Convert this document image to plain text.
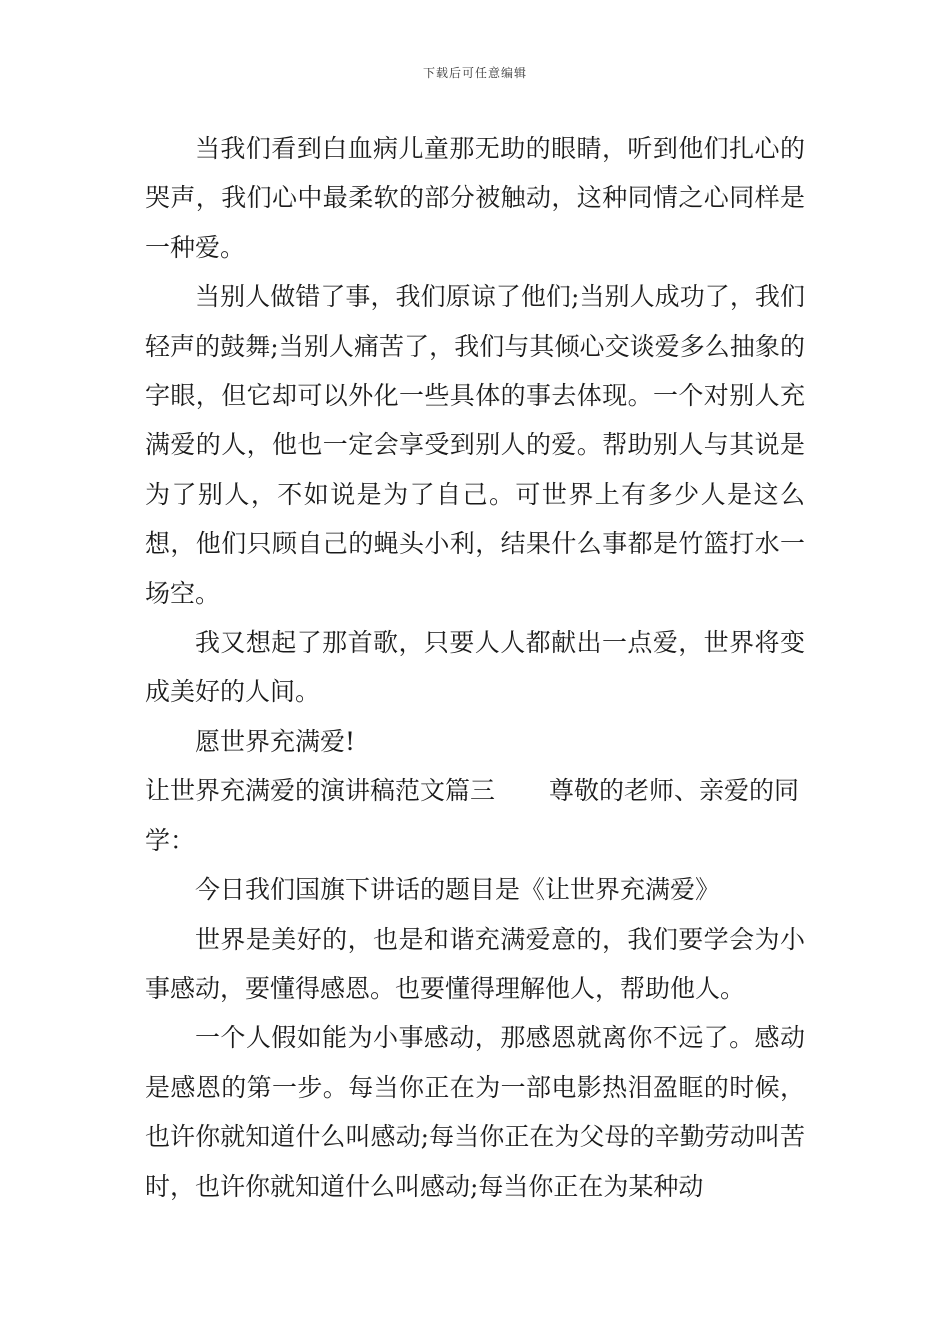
下载后可任意编辑

当我们看到白血病儿童那无助的眼睛，听到他们扎心的哭声，我们心中最柔软的部分被触动，这种同情之心同样是一种爱。

当别人做错了事，我们原谅了他们;当别人成功了，我们轻声的鼓舞;当别人痛苦了，我们与其倾心交谈爱多么抽象的字眼，但它却可以外化一些具体的事去体现。一个对别人充满爱的人，他也一定会享受到别人的爱。帮助别人与其说是为了别人，不如说是为了自己。可世界上有多少人是这么想，他们只顾自己的蝇头小利，结果什么事都是竹篮打水一场空。

我又想起了那首歌，只要人人都献出一点爱，世界将变成美好的人间。

愿世界充满爱!

让世界充满爱的演讲稿范文篇三 尊敬的老师、亲爱的同学：

今日我们国旗下讲话的题目是《让世界充满爱》

世界是美好的，也是和谐充满爱意的，我们要学会为小事感动，要懂得感恩。也要懂得理解他人，帮助他人。

一个人假如能为小事感动，那感恩就离你不远了。感动是感恩的第一步。每当你正在为一部电影热泪盈眶的时候，也许你就知道什么叫感动;每当你正在为父母的辛勤劳动叫苦时，也许你就知道什么叫感动;每当你正在为某种动
